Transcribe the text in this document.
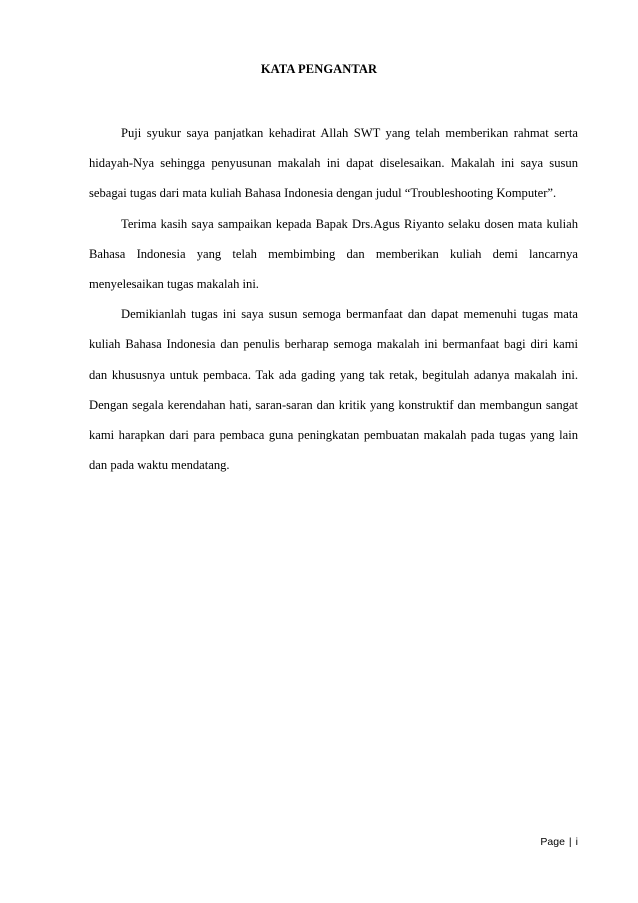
KATA PENGANTAR

Puji syukur saya panjatkan kehadirat Allah SWT yang telah memberikan rahmat serta hidayah-Nya sehingga penyusunan makalah ini dapat diselesaikan. Makalah ini saya susun sebagai tugas dari mata kuliah Bahasa Indonesia dengan judul “Troubleshooting Komputer”.

Terima kasih saya sampaikan kepada Bapak Drs.Agus Riyanto selaku dosen mata kuliah Bahasa Indonesia yang telah membimbing dan memberikan kuliah demi lancarnya menyelesaikan tugas makalah ini.

Demikianlah tugas ini saya susun semoga bermanfaat dan dapat memenuhi tugas mata kuliah Bahasa Indonesia dan penulis berharap semoga makalah ini bermanfaat bagi diri kami dan khususnya untuk pembaca. Tak ada gading yang tak retak, begitulah adanya makalah ini. Dengan segala kerendahan hati, saran-saran dan kritik yang konstruktif dan membangun sangat kami harapkan dari para pembaca guna peningkatan pembuatan makalah pada tugas yang lain dan pada waktu mendatang.

Page | i
